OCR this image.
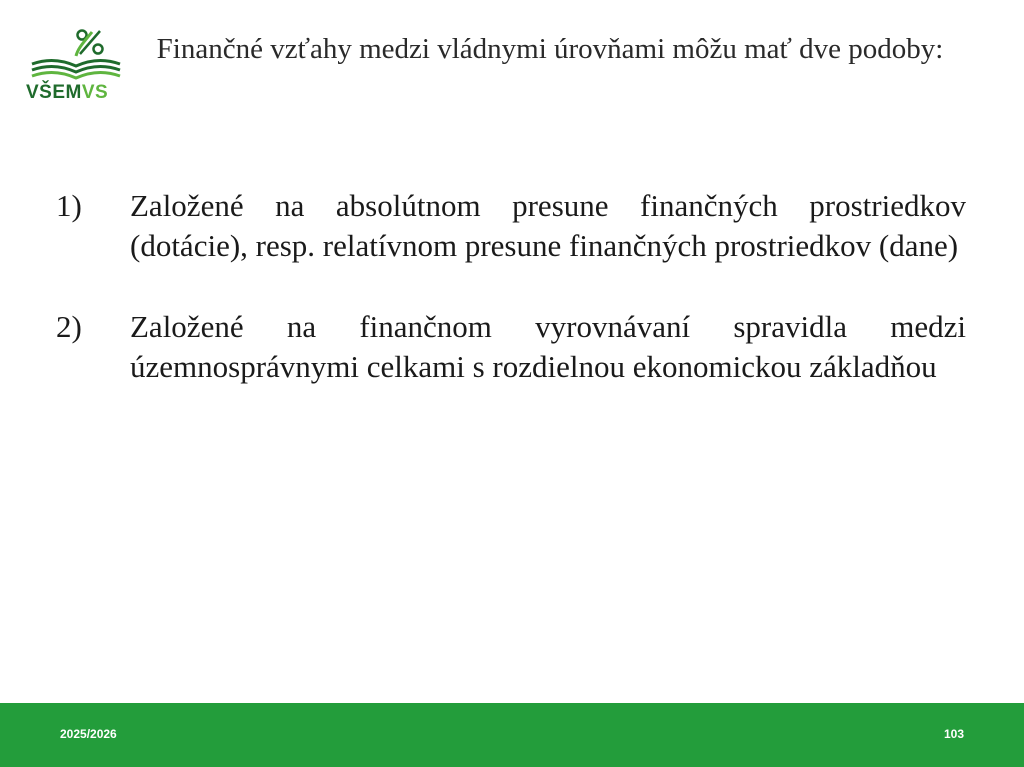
VŠEMVS
Finančné vzťahy medzi vládnymi úrovňami môžu mať dve podoby:
1) Založené na absolútnom presune finančných prostriedkov (dotácie), resp. relatívnom presune finančných prostriedkov (dane)
2) Založené na finančnom vyrovnávaní spravidla medzi územnosprávnymi celkami s rozdielnou ekonomickou základňou
2025/2026	103
